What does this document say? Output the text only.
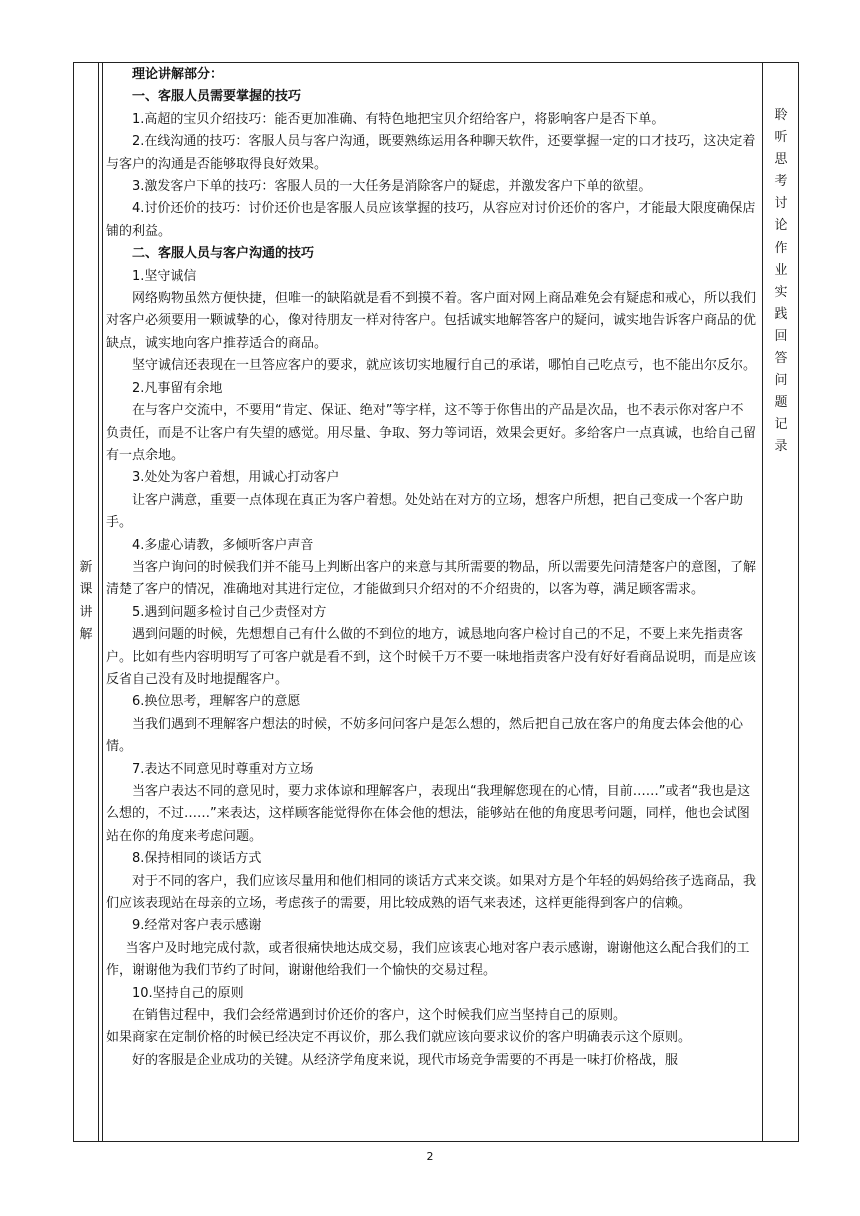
新
课
讲
解
聆
听
思
考
讨
论
作
业
实
践
回
答
问
题
记
录

理论讲解部分：

一、客服人员需要掌握的技巧

1.高超的宝贝介绍技巧：能否更加准确、有特色地把宝贝介绍给客户，将影响客户是否下单。

2.在线沟通的技巧：客服人员与客户沟通，既要熟练运用各种聊天软件，还要掌握一定的口才技巧，这决定着与客户的沟通是否能够取得良好效果。

3.激发客户下单的技巧：客服人员的一大任务是消除客户的疑虑，并激发客户下单的欲望。

4.讨价还价的技巧：讨价还价也是客服人员应该掌握的技巧，从容应对讨价还价的客户，才能最大限度确保店铺的利益。

二、客服人员与客户沟通的技巧

1.坚守诚信

网络购物虽然方便快捷，但唯一的缺陷就是看不到摸不着。客户面对网上商品难免会有疑虑和戒心，所以我们对客户必须要用一颗诚挚的心，像对待朋友一样对待客户。包括诚实地解答客户的疑问，诚实地告诉客户商品的优缺点，诚实地向客户推荐适合的商品。

坚守诚信还表现在一旦答应客户的要求，就应该切实地履行自己的承诺，哪怕自己吃点亏，也不能出尔反尔。

2.凡事留有余地

在与客户交流中，不要用“肯定、保证、绝对”等字样，这不等于你售出的产品是次品，也不表示你对客户不负责任，而是不让客户有失望的感觉。用尽量、争取、努力等词语，效果会更好。多给客户一点真诚，也给自己留有一点余地。

3.处处为客户着想，用诚心打动客户

让客户满意，重要一点体现在真正为客户着想。处处站在对方的立场，想客户所想，把自己变成一个客户助手。

4.多虚心请教，多倾听客户声音

当客户询问的时候我们并不能马上判断出客户的来意与其所需要的物品，所以需要先问清楚客户的意图，了解清楚了客户的情况，准确地对其进行定位，才能做到只介绍对的不介绍贵的，以客为尊，满足顾客需求。

5.遇到问题多检讨自己少责怪对方

遇到问题的时候，先想想自己有什么做的不到位的地方，诚恳地向客户检讨自己的不足，不要上来先指责客户。比如有些内容明明写了可客户就是看不到，这个时候千万不要一味地指责客户没有好好看商品说明，而是应该反省自己没有及时地提醒客户。

6.换位思考，理解客户的意愿

当我们遇到不理解客户想法的时候，不妨多问问客户是怎么想的，然后把自己放在客户的角度去体会他的心情。

7.表达不同意见时尊重对方立场

当客户表达不同的意见时，要力求体谅和理解客户，表现出“我理解您现在的心情，目前……”或者“我也是这么想的，不过……”来表达，这样顾客能觉得你在体会他的想法，能够站在他的角度思考问题，同样，他也会试图站在你的角度来考虑问题。

8.保持相同的谈话方式

对于不同的客户，我们应该尽量用和他们相同的谈话方式来交谈。如果对方是个年轻的妈妈给孩子选商品，我们应该表现站在母亲的立场，考虑孩子的需要，用比较成熟的语气来表述，这样更能得到客户的信赖。

9.经常对客户表示感谢

当客户及时地完成付款，或者很痛快地达成交易，我们应该衷心地对客户表示感谢，谢谢他这么配合我们的工作，谢谢他为我们节约了时间，谢谢他给我们一个愉快的交易过程。

10.坚持自己的原则

在销售过程中，我们会经常遇到讨价还价的客户，这个时候我们应当坚持自己的原则。

如果商家在定制价格的时候已经决定不再议价，那么我们就应该向要求议价的客户明确表示这个原则。

好的客服是企业成功的关键。从经济学角度来说，现代市场竞争需要的不再是一味打价格战，服

2
